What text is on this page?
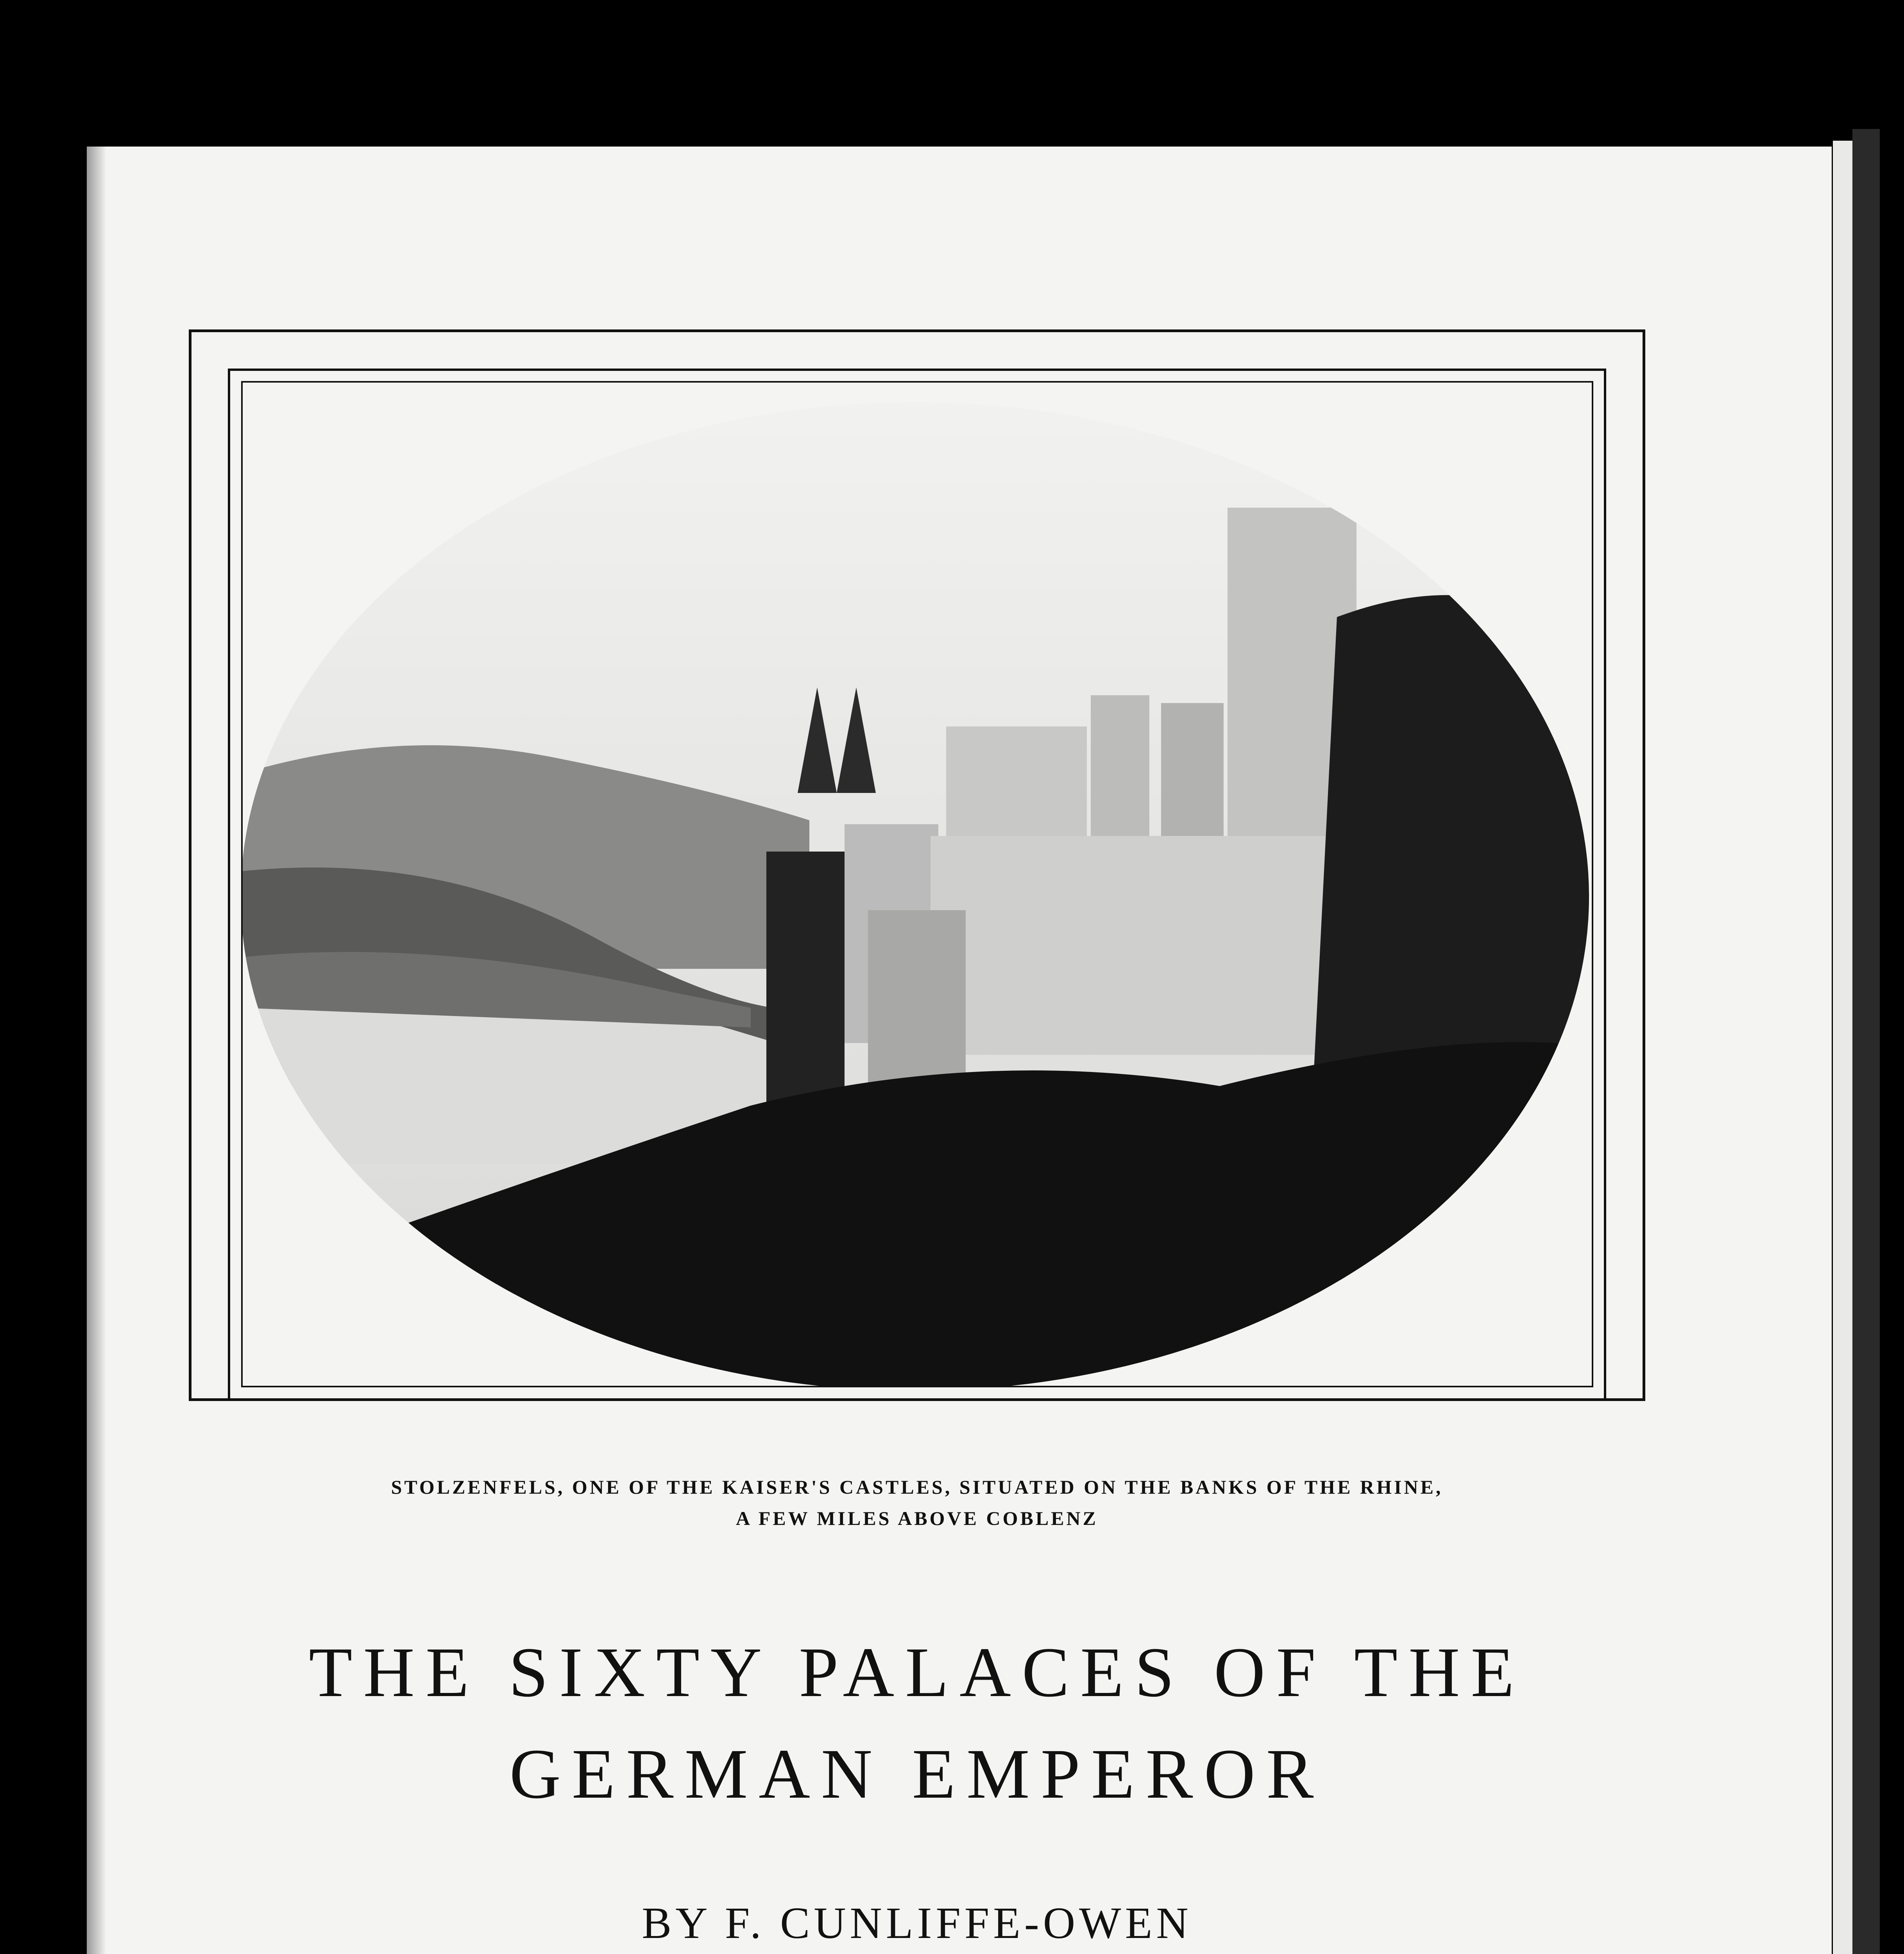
STOLZENFELS, ONE OF THE KAISER'S CASTLES, SITUATED ON THE BANKS OF THE RHINE,
A FEW MILES ABOVE COBLENZ
THE SIXTY PALACES OF THE
GERMAN EMPEROR
BY F. CUNLIFFE-OWEN
